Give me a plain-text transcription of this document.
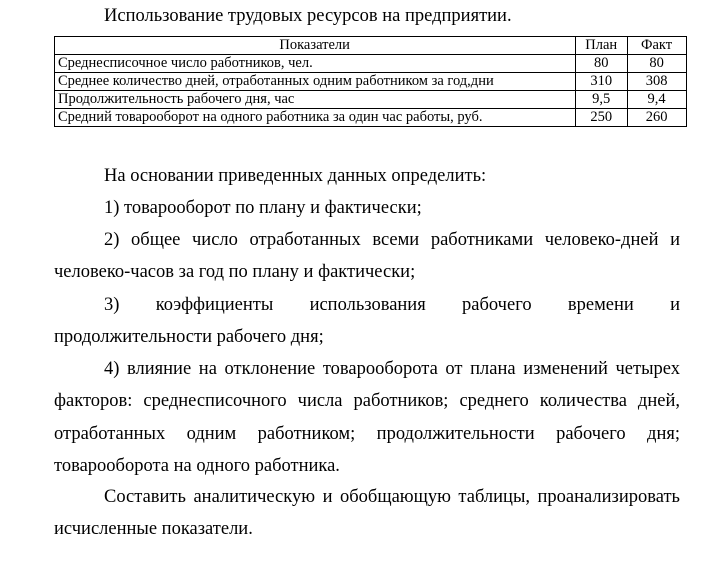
Использование трудовых ресурсов на предприятии.
Показатели	План	Факт
Среднесписочное число работников, чел.	80	80
Среднее количество дней, отработанных одним работником за год,дни	310	308
Продолжительность рабочего дня, час	9,5	9,4
Средний товарооборот на одного работника за один час работы, руб.	250	260

На основании приведенных данных определить:

1) товарооборот по плану и фактически;

2) общее число отработанных всеми работниками человеко-дней и человеко-часов за год по плану и фактически;

3) коэффициенты использования рабочего времени и продолжительности рабочего дня;

4) влияние на отклонение товарооборота от плана изменений четырех факторов: среднесписочного числа работников; среднего количества дней, отработанных одним работником; продолжительности рабочего дня; товарооборота на одного работника.

Составить аналитическую и обобщающую таблицы, проанализировать исчисленные показатели.
